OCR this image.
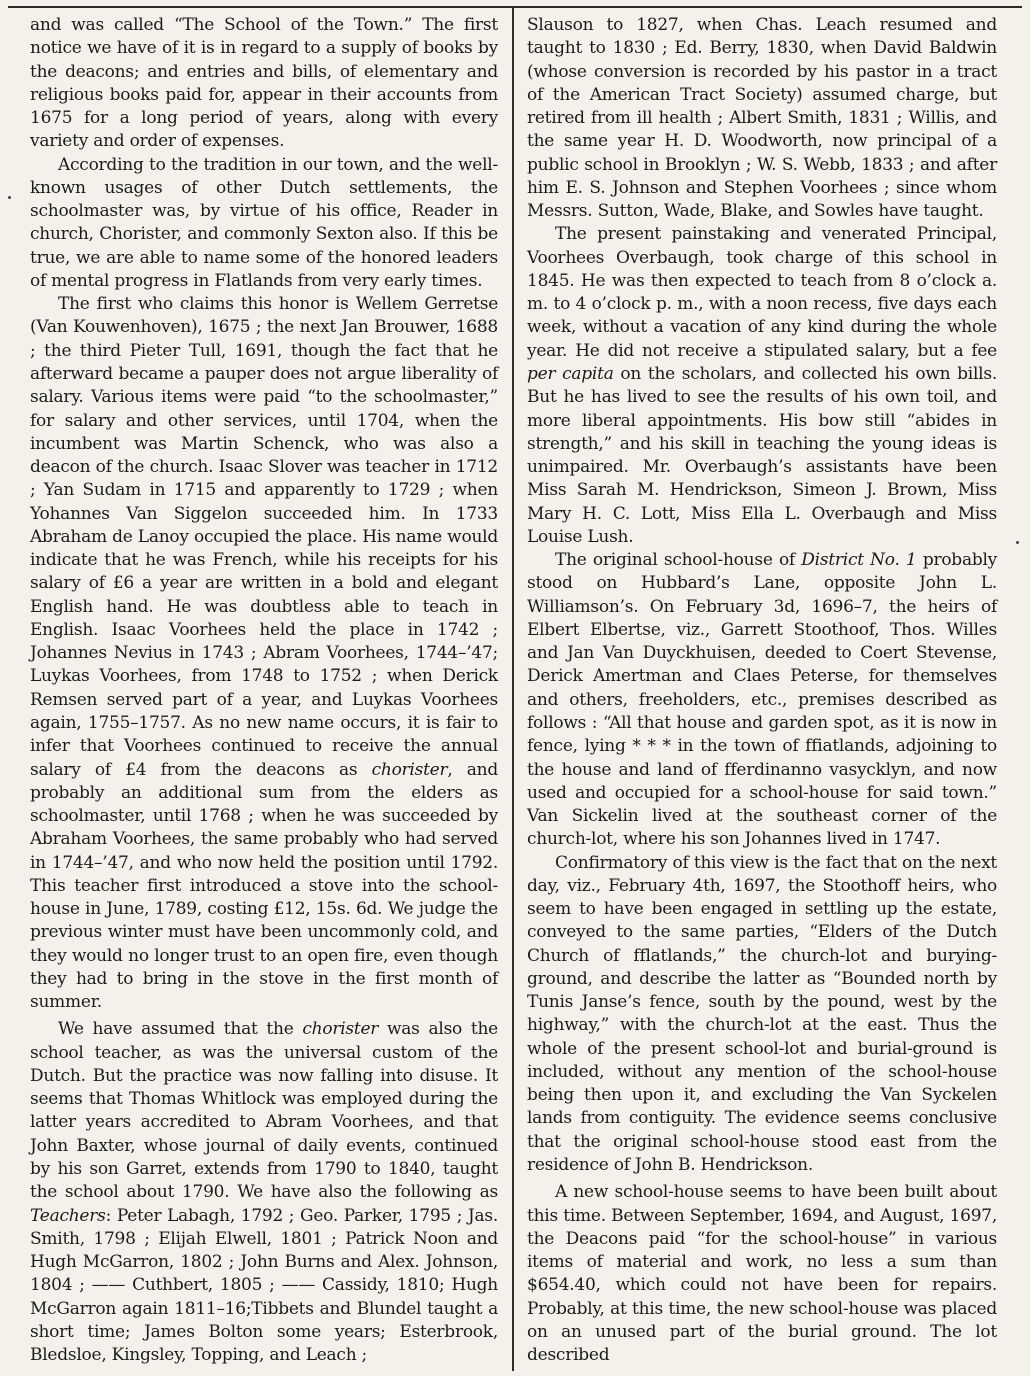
and was called “The School of the Town.” The first notice we have of it is in regard to a supply of books by the deacons; and entries and bills, of elementary and religious books paid for, appear in their accounts from 1675 for a long period of years, along with every variety and order of expenses.

According to the tradition in our town, and the well-known usages of other Dutch settlements, the schoolmaster was, by virtue of his office, Reader in church, Chorister, and commonly Sexton also. If this be true, we are able to name some of the honored leaders of mental progress in Flatlands from very early times.

The first who claims this honor is Wellem Gerretse (Van Kouwenhoven), 1675 ; the next Jan Brouwer, 1688 ; the third Pieter Tull, 1691, though the fact that he afterward became a pauper does not argue liberality of salary. Various items were paid “to the schoolmaster,” for salary and other services, until 1704, when the incumbent was Martin Schenck, who was also a deacon of the church. Isaac Slover was teacher in 1712 ; Yan Sudam in 1715 and apparently to 1729 ; when Yohannes Van Siggelon succeeded him. In 1733 Abraham de Lanoy occupied the place. His name would indicate that he was French, while his receipts for his salary of £6 a year are written in a bold and elegant English hand. He was doubtless able to teach in English. Isaac Voorhees held the place in 1742 ; Johannes Nevius in 1743 ; Abram Voorhees, 1744–’47; Luykas Voorhees, from 1748 to 1752 ; when Derick Remsen served part of a year, and Luykas Voorhees again, 1755–1757. As no new name occurs, it is fair to infer that Voorhees continued to receive the annual salary of £4 from the deacons as chorister, and probably an additional sum from the elders as schoolmaster, until 1768 ; when he was succeeded by Abraham Voorhees, the same probably who had served in 1744–’47, and who now held the position until 1792. This teacher first introduced a stove into the school-house in June, 1789, costing £12, 15s. 6d. We judge the previous winter must have been uncommonly cold, and they would no longer trust to an open fire, even though they had to bring in the stove in the first month of summer.

We have assumed that the chorister was also the school teacher, as was the universal custom of the Dutch. But the practice was now falling into disuse. It seems that Thomas Whitlock was employed during the latter years accredited to Abram Voorhees, and that John Baxter, whose journal of daily events, continued by his son Garret, extends from 1790 to 1840, taught the school about 1790. We have also the following as Teachers: Peter Labagh, 1792 ; Geo. Parker, 1795 ; Jas. Smith, 1798 ; Elijah Elwell, 1801 ; Patrick Noon and Hugh McGarron, 1802 ; John Burns and Alex. Johnson, 1804 ; —— Cuthbert, 1805 ; —— Cassidy, 1810; Hugh McGarron again 1811–16;Tibbets and Blundel taught a short time; James Bolton some years; Esterbrook, Bledsloe, Kingsley, Topping, and Leach ;

Slauson to 1827, when Chas. Leach resumed and taught to 1830 ; Ed. Berry, 1830, when David Baldwin (whose conversion is recorded by his pastor in a tract of the American Tract Society) assumed charge, but retired from ill health ; Albert Smith, 1831 ; Willis, and the same year H. D. Woodworth, now principal of a public school in Brooklyn ; W. S. Webb, 1833 ; and after him E. S. Johnson and Stephen Voorhees ; since whom Messrs. Sutton, Wade, Blake, and Sowles have taught.

The present painstaking and venerated Principal, Voorhees Overbaugh, took charge of this school in 1845. He was then expected to teach from 8 o’clock a. m. to 4 o’clock p. m., with a noon recess, five days each week, without a vacation of any kind during the whole year. He did not receive a stipulated salary, but a fee per capita on the scholars, and collected his own bills. But he has lived to see the results of his own toil, and more liberal appointments. His bow still “abides in strength,” and his skill in teaching the young ideas is unimpaired. Mr. Overbaugh’s assistants have been Miss Sarah M. Hendrickson, Simeon J. Brown, Miss Mary H. C. Lott, Miss Ella L. Overbaugh and Miss Louise Lush.

The original school-house of District No. 1 probably stood on Hubbard’s Lane, opposite John L. Williamson’s. On February 3d, 1696–7, the heirs of Elbert Elbertse, viz., Garrett Stoothoof, Thos. Willes and Jan Van Duyckhuisen, deeded to Coert Stevense, Derick Amertman and Claes Peterse, for themselves and others, freeholders, etc., premises described as follows : “All that house and garden spot, as it is now in fence, lying * * * in the town of ffiatlands, adjoining to the house and land of fferdinanno vasycklyn, and now used and occupied for a school-house for said town.” Van Sickelin lived at the southeast corner of the church-lot, where his son Johannes lived in 1747.

Confirmatory of this view is the fact that on the next day, viz., February 4th, 1697, the Stoothoff heirs, who seem to have been engaged in settling up the estate, conveyed to the same parties, “Elders of the Dutch Church of fflatlands,” the church-lot and burying-ground, and describe the latter as “Bounded north by Tunis Janse’s fence, south by the pound, west by the highway,” with the church-lot at the east. Thus the whole of the present school-lot and burial-ground is included, without any mention of the school-house being then upon it, and excluding the Van Syckelen lands from contiguity. The evidence seems conclusive that the original school-house stood east from the residence of John B. Hendrickson.

A new school-house seems to have been built about this time. Between September, 1694, and August, 1697, the Deacons paid “for the school-house” in various items of material and work, no less a sum than $654.40, which could not have been for repairs. Probably, at this time, the new school-house was placed on an unused part of the burial ground. The lot described
